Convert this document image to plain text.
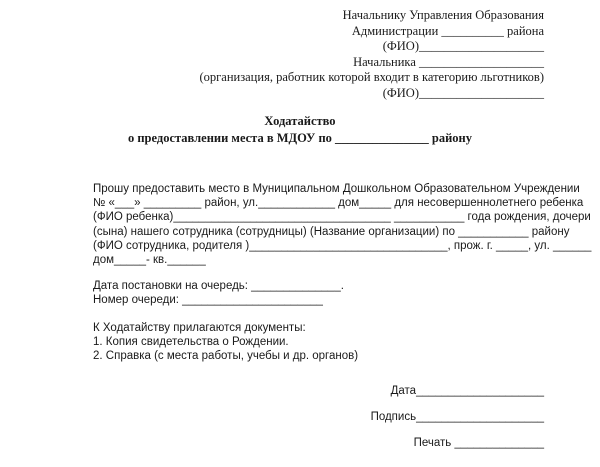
Начальнику Управления Образования
Администрации __________ района
(ФИО)____________________
Начальника ____________________
(организация, работник которой входит в категорию льготников)
(ФИО)____________________
Ходатайство
о предоставлении места в МДОУ по _______________ району
Прошу предоставить место в Муниципальном Дошкольном Образовательном Учреждении
№ «___» _________ район, ул.____________ дом_____ для несовершеннолетнего ребенка
(ФИО ребенка)__________________________________ ___________ года рождения, дочери
(сына) нашего сотрудника (сотрудницы) (Название организации) по ___________ району
(ФИО сотрудника, родителя )_______________________________, прож. г. _____, ул. ______
дом_____- кв.______
Дата постановки на очередь: ______________.
Номер очереди: ______________________
К Ходатайству прилагаются документы:
1. Копия свидетельства о Рождении.
2. Справка (с места работы, учебы и др. органов)
Дата____________________
Подпись____________________
Печать ______________
